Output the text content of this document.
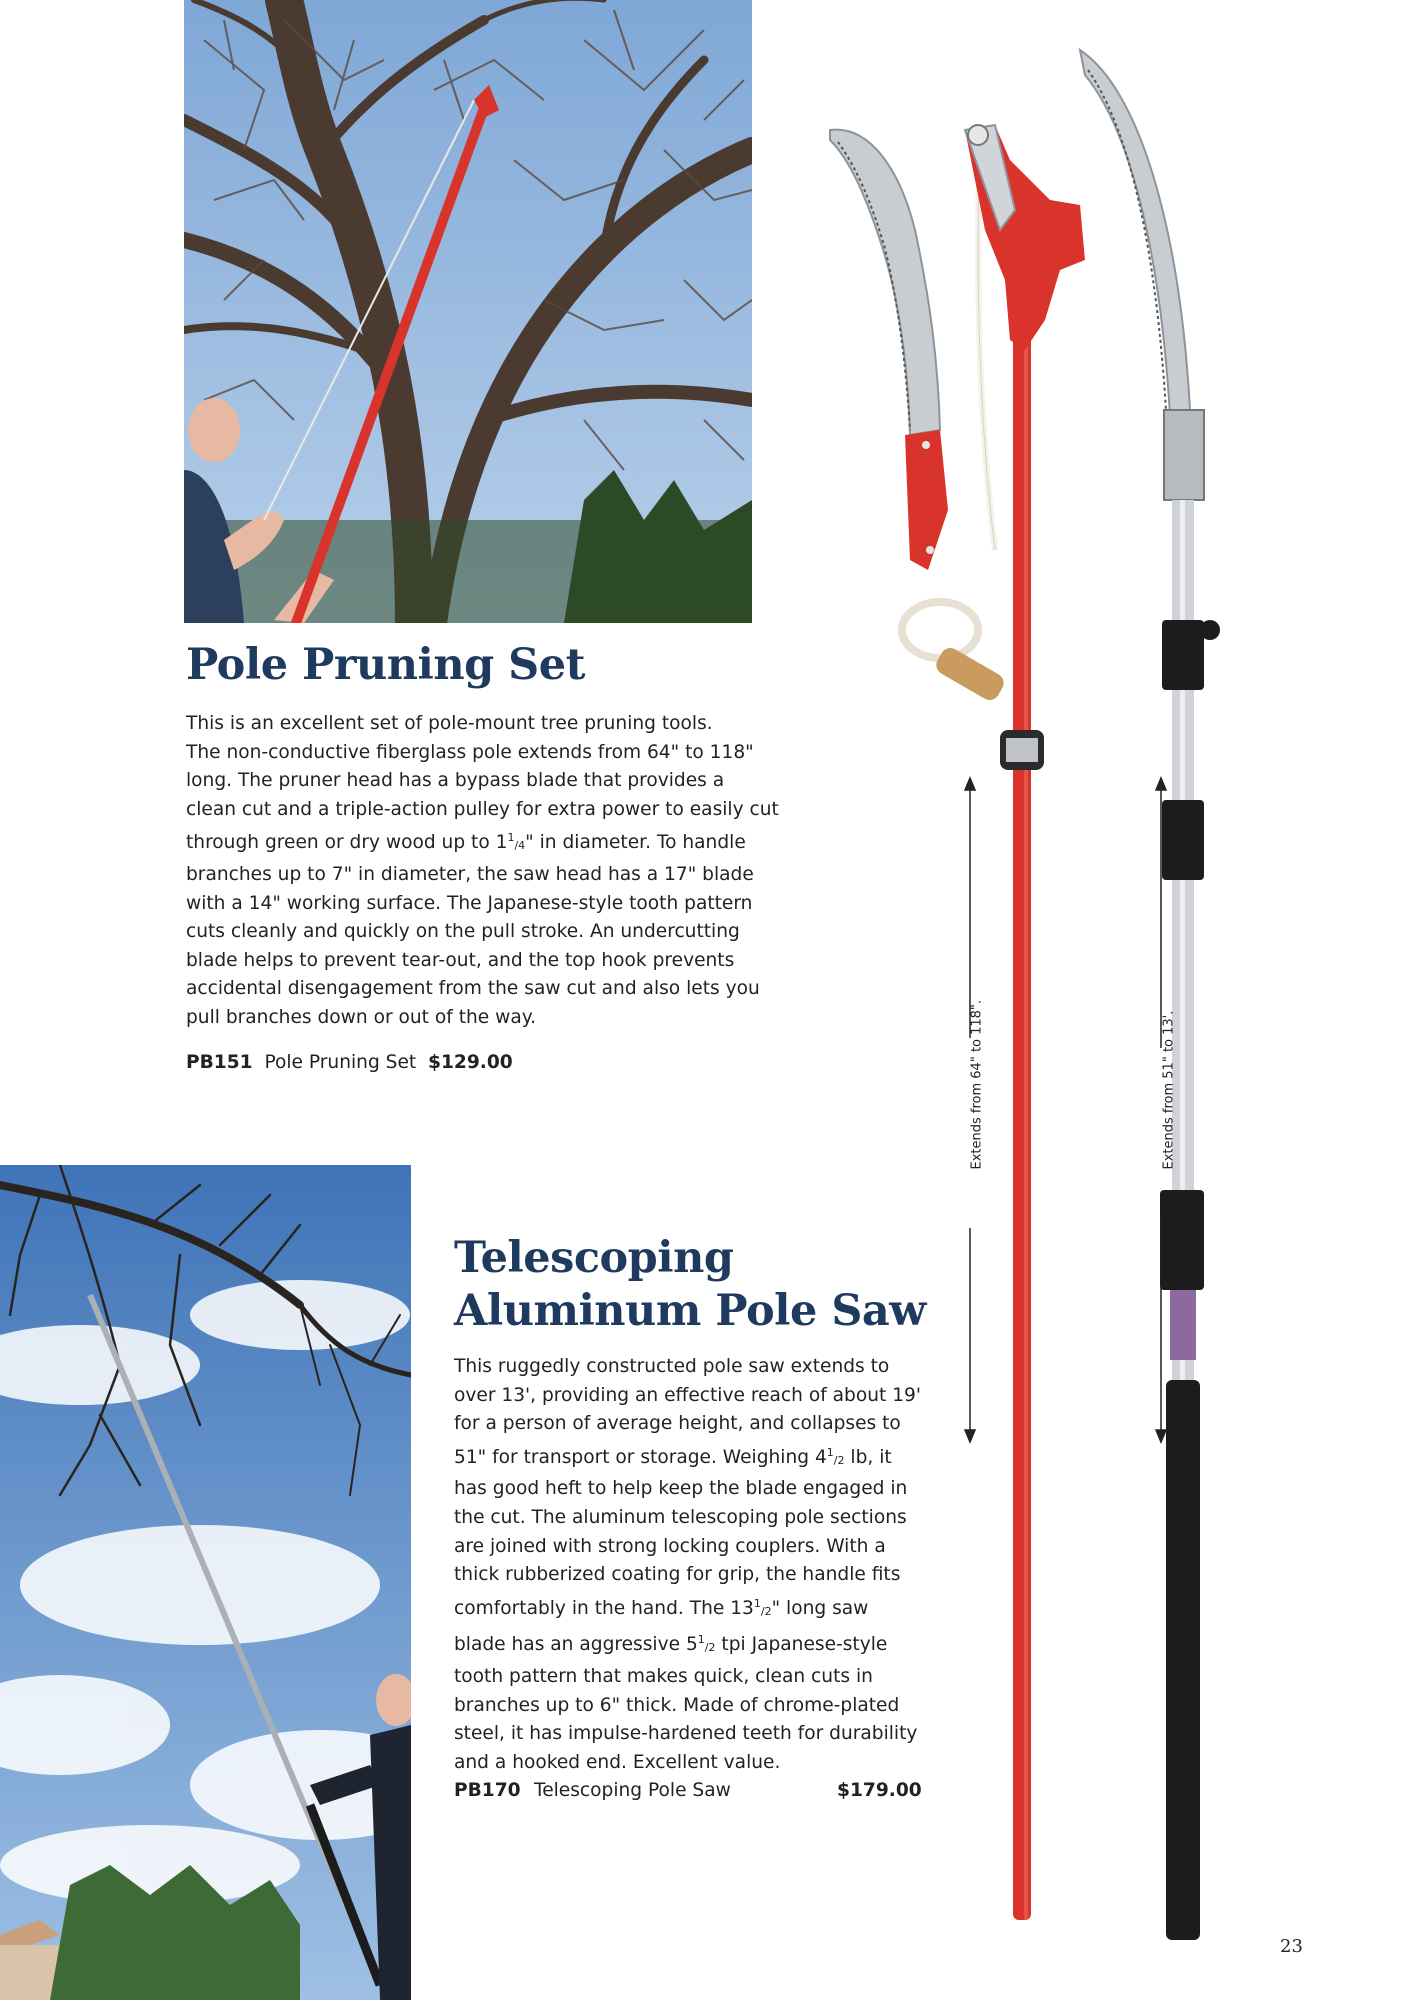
Pole Pruning Set
This is an excellent set of pole-mount tree pruning tools.
The non-conductive fiberglass pole extends from 64" to 118"
long. The pruner head has a bypass blade that provides a
clean cut and a triple-action pulley for extra power to easily cut
through green or dry wood up to $1^1_{/4}$" in diameter. To handle
branches up to 7" in diameter, the saw head has a 17" blade
with a 14" working surface. The Japanese-style tooth pattern
cuts cleanly and quickly on the pull stroke. An undercutting
blade helps to prevent tear-out, and the top hook prevents
accidental disengagement from the saw cut and also lets you
pull branches down or out of the way.
PB151 Pole Pruning Set $129.00
Telescoping
Aluminum Pole Saw
This ruggedly constructed pole saw extends to
over 13', providing an effective reach of about 19'
for a person of average height, and collapses to
51" for transport or storage. Weighing $4^1_{/2}$ lb, it
has good heft to help keep the blade engaged in
the cut. The aluminum telescoping pole sections
are joined with strong locking couplers. With a
thick rubberized coating for grip, the handle fits
comfortably in the hand. The $13^1_{/2}$" long saw
blade has an aggressive $5^1_{/2}$ tpi Japanese-style
tooth pattern that makes quick, clean cuts in
branches up to 6" thick. Made of chrome-plated
steel, it has impulse-hardened teeth for durability
and a hooked end. Excellent value.
PB170 Telescoping Pole Saw	$179.00
Extends from 64" to 118".	Extends from 51" to 13'.
23
